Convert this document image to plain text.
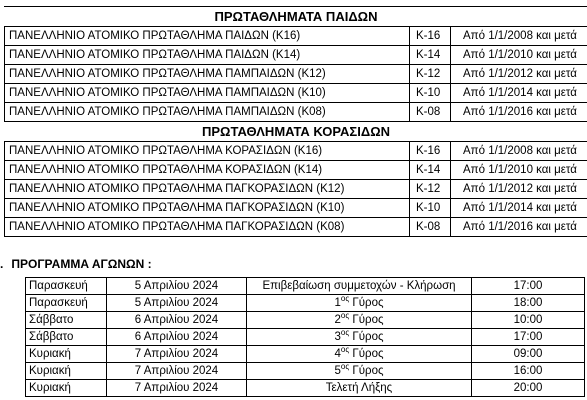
ΠΡΩΤΑΘΛΗΜΑΤΑ ΠΑΙΔΩΝ		
ΠΑΝΕΛΛΗΝΙΟ ΑΤΟΜΙΚΟ ΠΡΩΤΑΘΛΗΜΑ ΠΑΙΔΩΝ (Κ16)	Κ-16	Από 1/1/2008 και μετά
ΠΑΝΕΛΛΗΝΙΟ ΑΤΟΜΙΚΟ ΠΡΩΤΑΘΛΗΜΑ ΠΑΙΔΩΝ (Κ14)	Κ-14	Από 1/1/2010 και μετά
ΠΑΝΕΛΛΗΝΙΟ ΑΤΟΜΙΚΟ ΠΡΩΤΑΘΛΗΜΑ ΠΑΜΠΑΙΔΩΝ (Κ12)	Κ-12	Από 1/1/2012 και μετά
ΠΑΝΕΛΛΗΝΙΟ ΑΤΟΜΙΚΟ ΠΡΩΤΑΘΛΗΜΑ ΠΑΜΠΑΙΔΩΝ (Κ10)	Κ-10	Από 1/1/2014 και μετά
ΠΑΝΕΛΛΗΝΙΟ ΑΤΟΜΙΚΟ ΠΡΩΤΑΘΛΗΜΑ ΠΑΜΠΑΙΔΩΝ (Κ08)	Κ-08	Από 1/1/2016 και μετά
ΠΡΩΤΑΘΛΗΜΑΤΑ ΚΟΡΑΣΙΔΩΝ		
ΠΑΝΕΛΛΗΝΙΟ ΑΤΟΜΙΚΟ ΠΡΩΤΑΘΛΗΜΑ ΚΟΡΑΣΙΔΩΝ (Κ16)	Κ-16	Από 1/1/2008 και μετά
ΠΑΝΕΛΛΗΝΙΟ ΑΤΟΜΙΚΟ ΠΡΩΤΑΘΛΗΜΑ ΚΟΡΑΣΙΔΩΝ (Κ14)	Κ-14	Από 1/1/2010 και μετά
ΠΑΝΕΛΛΗΝΙΟ ΑΤΟΜΙΚΟ ΠΡΩΤΑΘΛΗΜΑ ΠΑΓΚΟΡΑΣΙΔΩΝ (Κ12)	Κ-12	Από 1/1/2012 και μετά
ΠΑΝΕΛΛΗΝΙΟ ΑΤΟΜΙΚΟ ΠΡΩΤΑΘΛΗΜΑ ΠΑΓΚΟΡΑΣΙΔΩΝ (Κ10)	Κ-10	Από 1/1/2014 και μετά
ΠΑΝΕΛΛΗΝΙΟ ΑΤΟΜΙΚΟ ΠΡΩΤΑΘΛΗΜΑ ΠΑΓΚΟΡΑΣΙΔΩΝ (Κ08)	Κ-08	Από 1/1/2016 και μετά
. ΠΡΟΓΡΑΜΜΑ ΑΓΩΝΩΝ :
Παρασκευή	5 Απριλίου 2024	Επιβεβαίωση συμμετοχών - Κλήρωση	17:00
Παρασκευή	5 Απριλίου 2024	$1^{o\varsigma}$ Γύρος	18:00
Σάββατο	6 Απριλίου 2024	$2^{o\varsigma}$ Γύρος	10:00
Σάββατο	6 Απριλίου 2024	$3^{o\varsigma}$ Γύρος	17:00
Κυριακή	7 Απριλίου 2024	$4^{o\varsigma}$ Γύρος	09:00
Κυριακή	7 Απριλίου 2024	$5^{o\varsigma}$ Γύρος	16:00
Κυριακή	7 Απριλίου 2024	Τελετή Λήξης	20:00
